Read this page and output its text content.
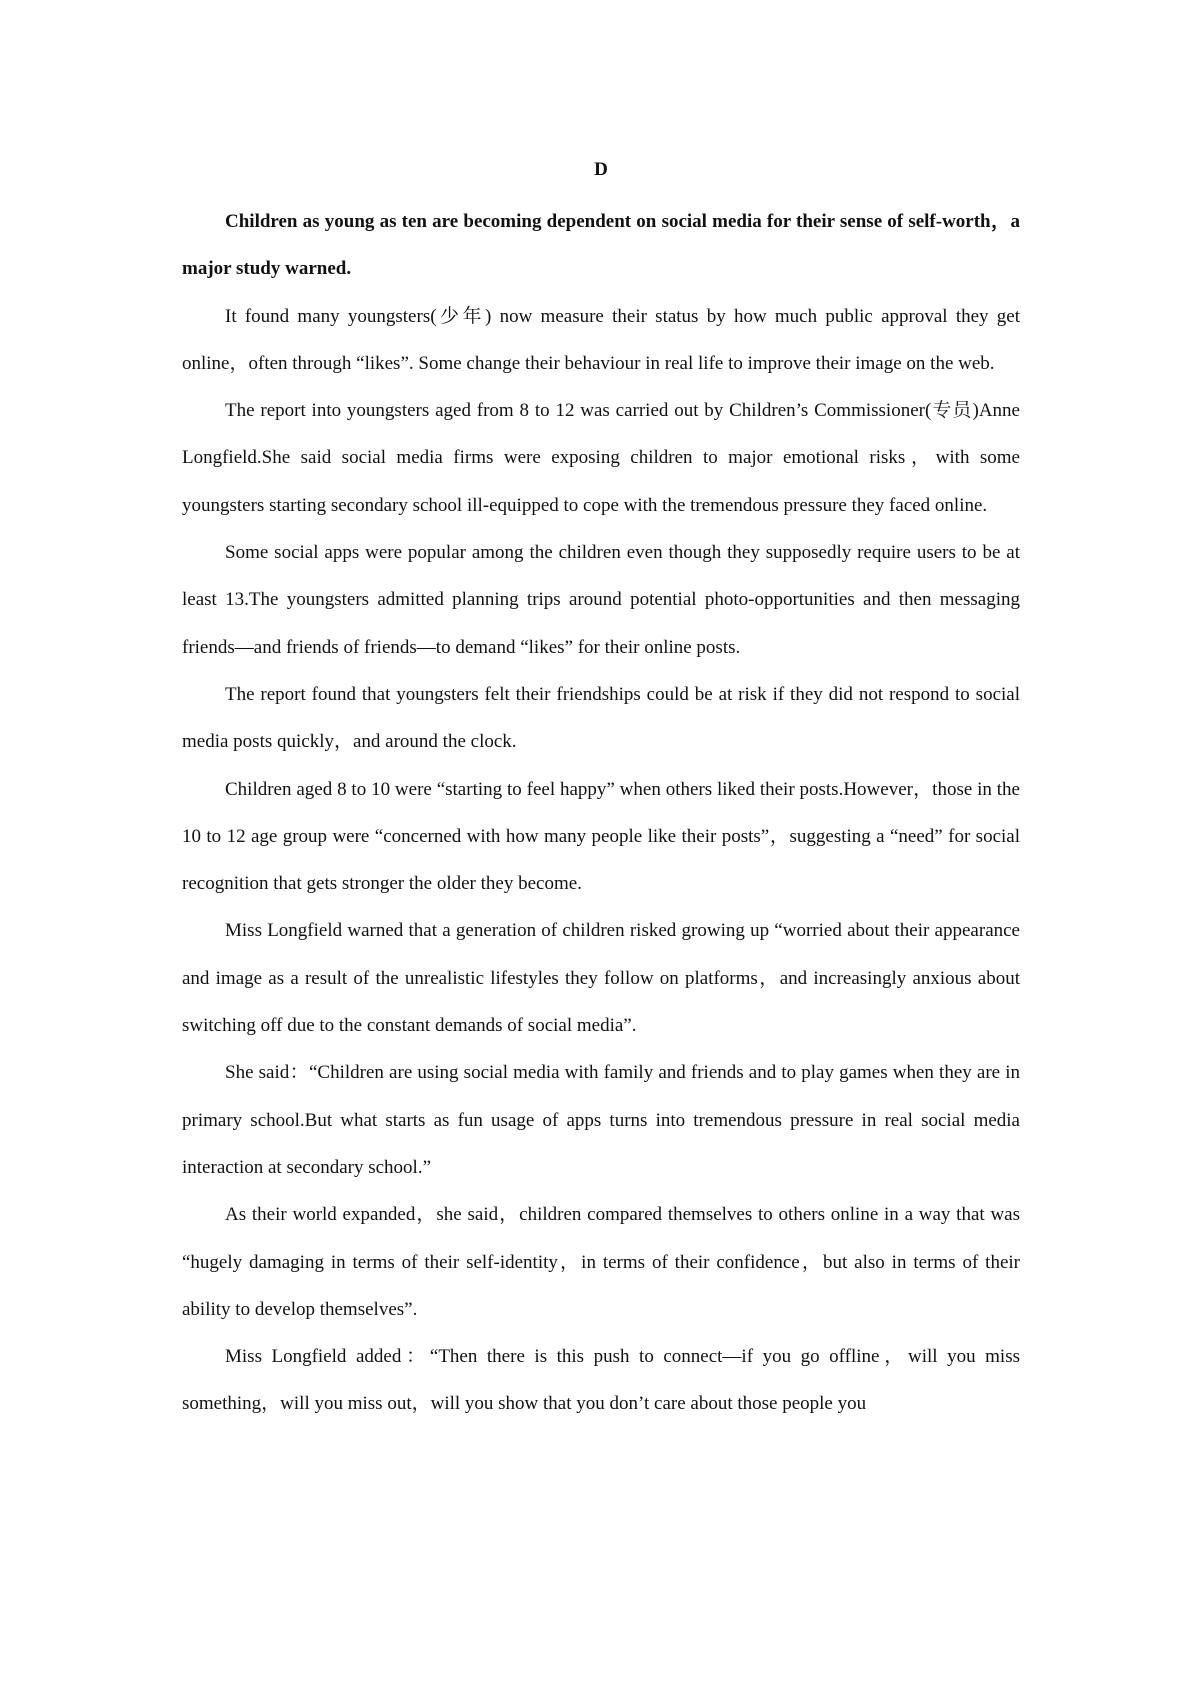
D

Children as young as ten are becoming dependent on social media for their sense of self-worth，a major study warned.

It found many youngsters(少年) now measure their status by how much public approval they get online，often through “likes”. Some change their behaviour in real life to improve their image on the web.

The report into youngsters aged from 8 to 12 was carried out by Children’s Commissioner(专员)Anne Longfield.She said social media firms were exposing children to major emotional risks，with some youngsters starting secondary school ill-equipped to cope with the tremendous pressure they faced online.

Some social apps were popular among the children even though they supposedly require users to be at least 13.The youngsters admitted planning trips around potential photo-opportunities and then messaging friends—and friends of friends—to demand “likes” for their online posts.

The report found that youngsters felt their friendships could be at risk if they did not respond to social media posts quickly，and around the clock.

Children aged 8 to 10 were “starting to feel happy” when others liked their posts.However，those in the 10 to 12 age group were “concerned with how many people like their posts”，suggesting a “need” for social recognition that gets stronger the older they become.

Miss Longfield warned that a generation of children risked growing up “worried about their appearance and image as a result of the unrealistic lifestyles they follow on platforms，and increasingly anxious about switching off due to the constant demands of social media”.

She said：“Children are using social media with family and friends and to play games when they are in primary school.But what starts as fun usage of apps turns into tremendous pressure in real social media interaction at secondary school.”

As their world expanded，she said，children compared themselves to others online in a way that was “hugely damaging in terms of their self-identity，in terms of their confidence，but also in terms of their ability to develop themselves”.

Miss Longfield added：“Then there is this push to connect—if you go offline，will you miss something，will you miss out，will you show that you don’t care about those people you
